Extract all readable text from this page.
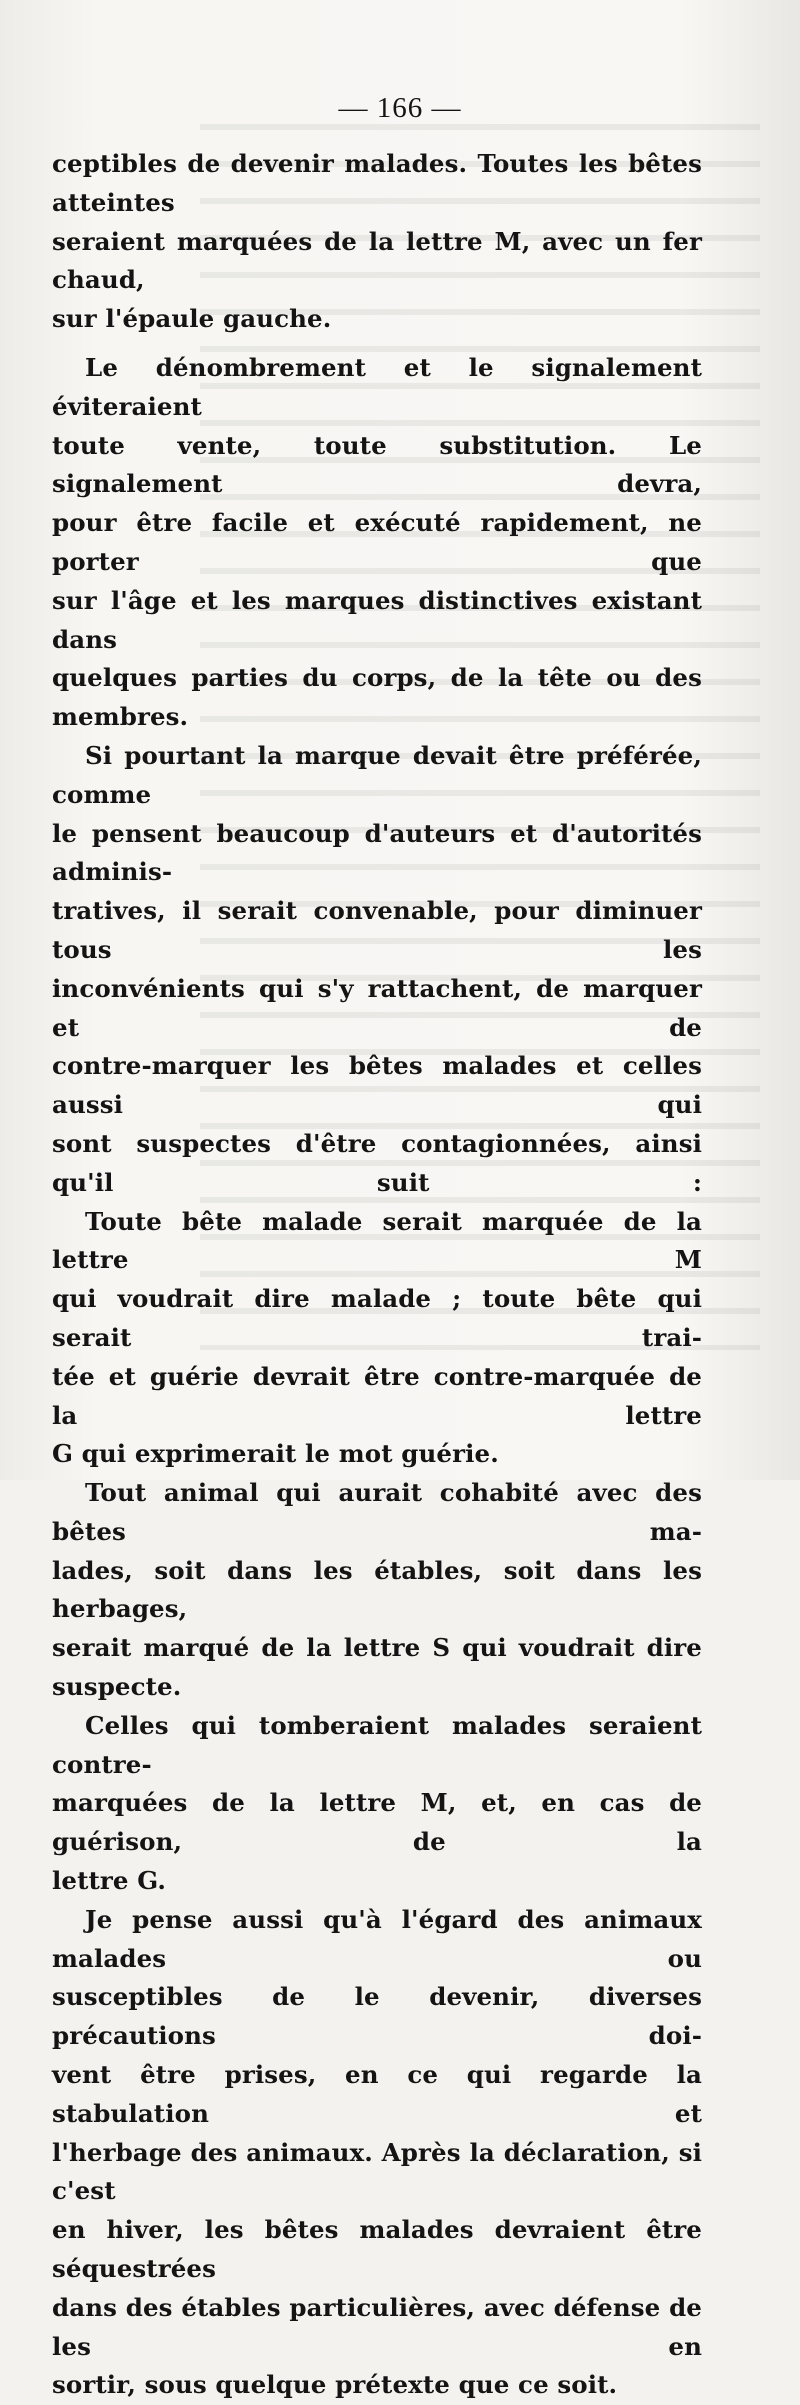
— 166 —

ceptibles de devenir malades. Toutes les bêtes atteintes

seraient marquées de la lettre M, avec un fer chaud,

sur l'épaule gauche.

Le dénombrement et le signalement éviteraient

toute vente, toute substitution. Le signalement devra,

pour être facile et exécuté rapidement, ne porter que

sur l'âge et les marques distinctives existant dans

quelques parties du corps, de la tête ou des membres.

Si pourtant la marque devait être préférée, comme

le pensent beaucoup d'auteurs et d'autorités adminis-

tratives, il serait convenable, pour diminuer tous les

inconvénients qui s'y rattachent, de marquer et de

contre-marquer les bêtes malades et celles aussi qui

sont suspectes d'être contagionnées, ainsi qu'il suit :

Toute bête malade serait marquée de la lettre M

qui voudrait dire malade ; toute bête qui serait trai-

tée et guérie devrait être contre-marquée de la lettre

G qui exprimerait le mot guérie.

Tout animal qui aurait cohabité avec des bêtes ma-

lades, soit dans les étables, soit dans les herbages,

serait marqué de la lettre S qui voudrait dire suspecte.

Celles qui tomberaient malades seraient contre-

marquées de la lettre M, et, en cas de guérison, de la

lettre G.

Je pense aussi qu'à l'égard des animaux malades ou

susceptibles de le devenir, diverses précautions doi-

vent être prises, en ce qui regarde la stabulation et

l'herbage des animaux. Après la déclaration, si c'est

en hiver, les bêtes malades devraient être séquestrées

dans des étables particulières, avec défense de les en

sortir, sous quelque prétexte que ce soit.
